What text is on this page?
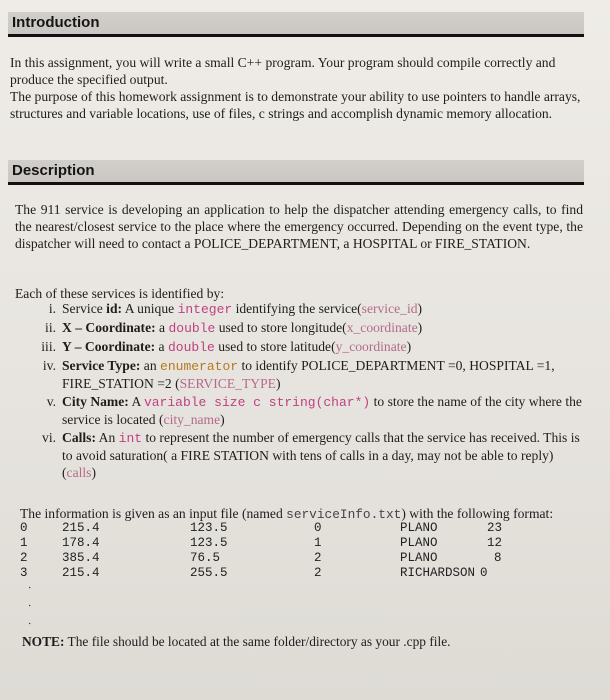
Introduction
In this assignment, you will write a small C++ program. Your program should compile correctly and produce the specified output.
The purpose of this homework assignment is to demonstrate your ability to use pointers to handle arrays, structures and variable locations, use of files, c strings and accomplish dynamic memory allocation.
Description

The 911 service is developing an application to help the dispatcher attending emergency calls, to find the nearest/closest service to the place where the emergency occurred. Depending on the event type, the dispatcher will need to contact a POLICE_DEPARTMENT, a HOSPITAL or FIRE_STATION.

Each of these services is identified by:

i. Service id: A unique integer identifying the service(service_id)
ii. X – Coordinate: a double used to store longitude(x_coordinate)
iii. Y – Coordinate: a double used to store latitude(y_coordinate)
iv. Service Type: an enumerator to identify POLICE_DEPARTMENT =0, HOSPITAL =1, FIRE_STATION =2 (SERVICE_TYPE)
v. City Name: A variable size c string(char*) to store the name of the city where the service is located (city_name)
vi. Calls: An int to represent the number of emergency calls that the service has received. This is to avoid saturation( a FIRE STATION with tens of calls in a day, may not be able to reply)(calls)

The information is given as an input file (named serviceInfo.txt) with the following format:

0	215.4	123.5	0	PLANO	23
1	178.4	123.5	1	PLANO	12
2	385.4	76.5	2	PLANO	8
3	215.4	255.5	2	RICHARDSON 0
. . .

NOTE: The file should be located at the same folder/directory as your .cpp file.
